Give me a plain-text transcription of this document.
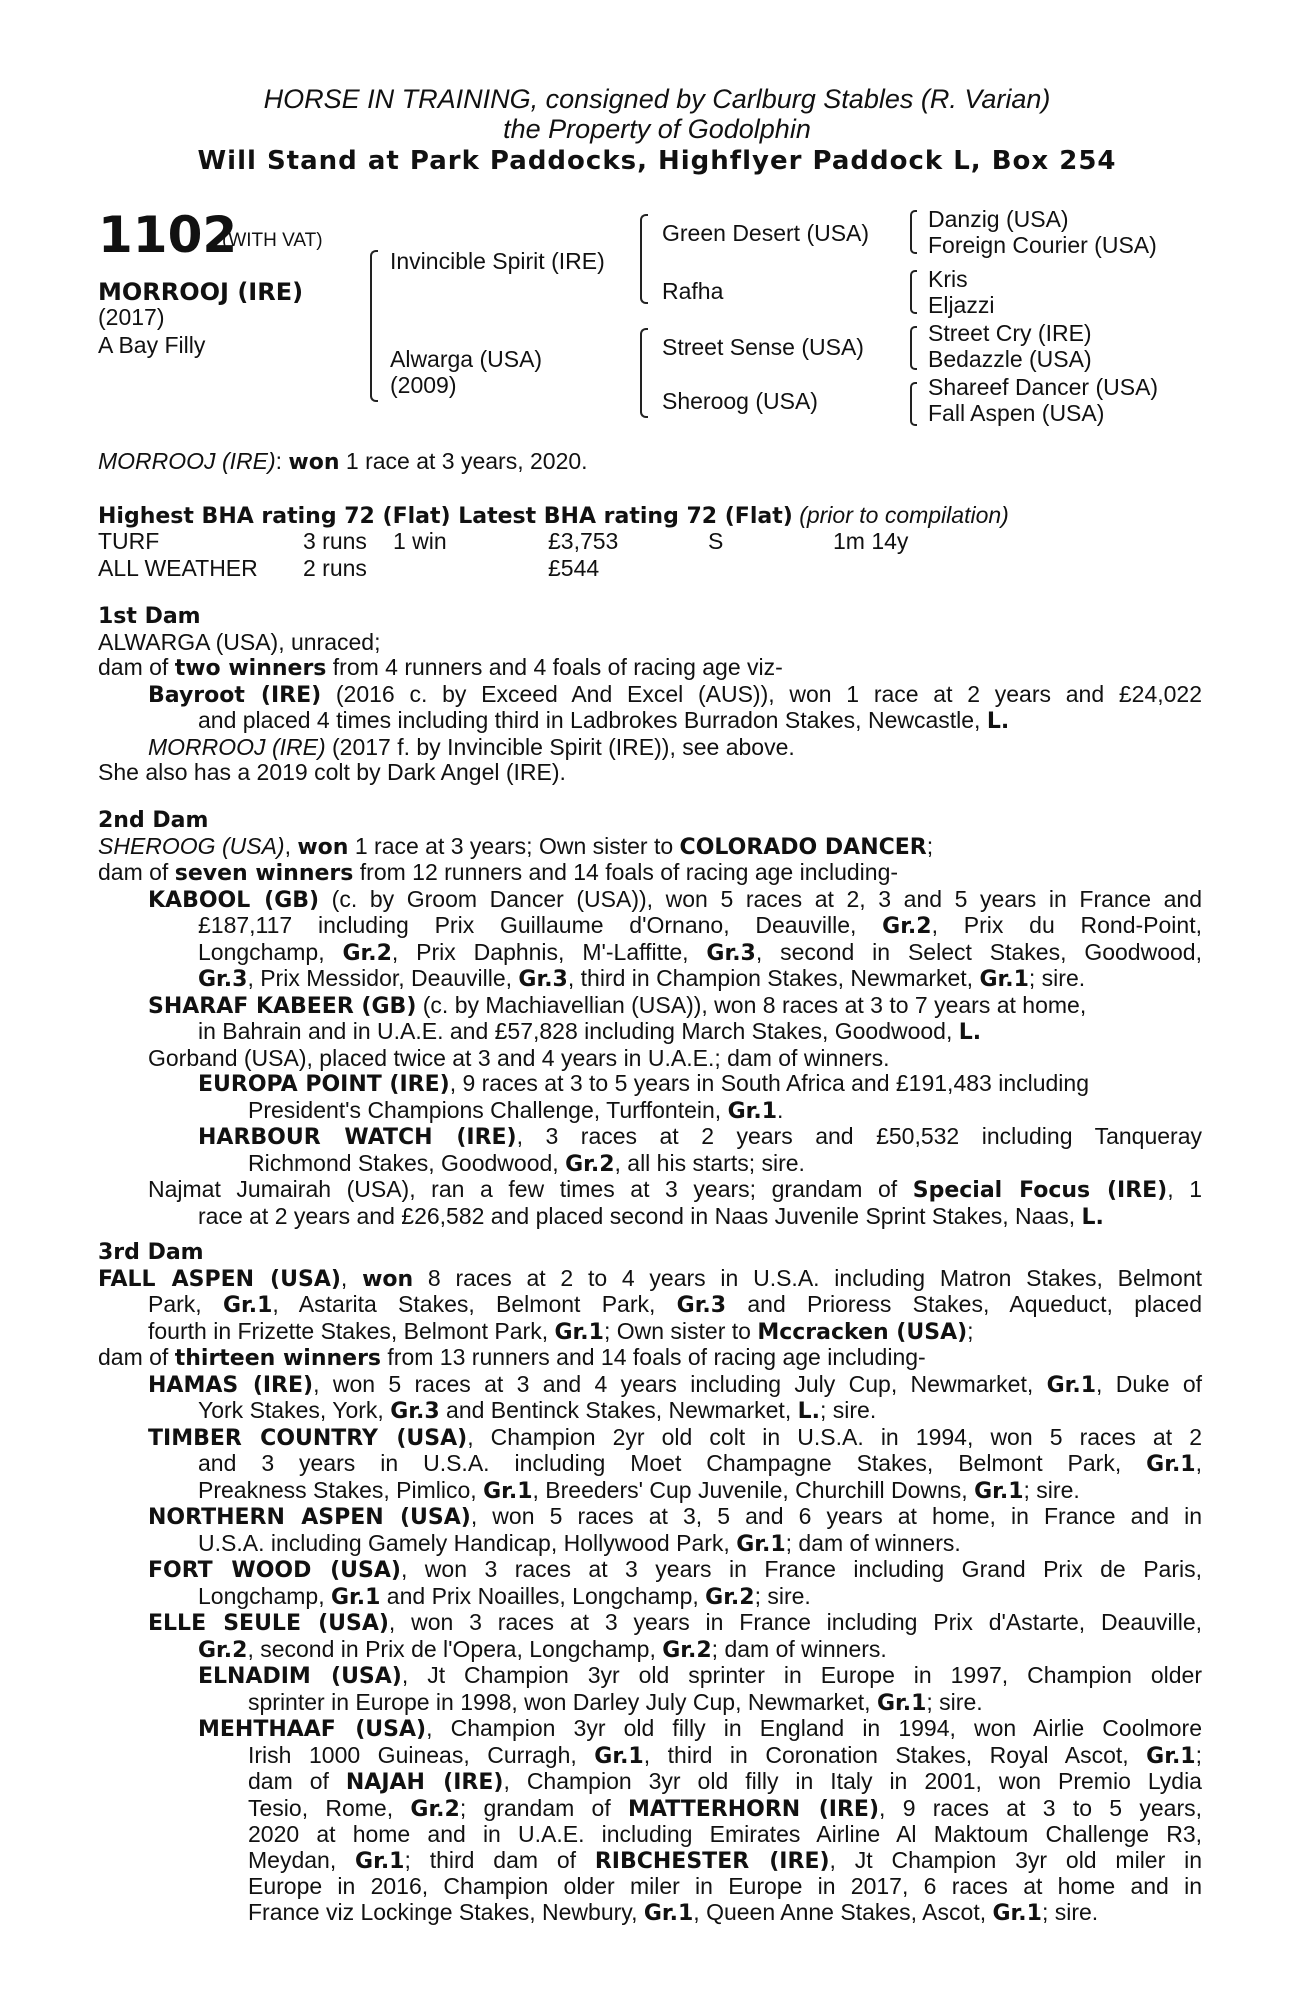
HORSE IN TRAINING, consigned by Carlburg Stables (R. Varian)
the Property of Godolphin
Will Stand at Park Paddocks, Highflyer Paddock L, Box 254
1102
(WITH VAT)
MORROOJ (IRE)
(2017)
A Bay Filly
Invincible Spirit (IRE)
Alwarga (USA)
(2009)
Green Desert (USA)
Rafha
Street Sense (USA)
Sheroog (USA)
Danzig (USA)
Foreign Courier (USA)
Kris
Eljazzi
Street Cry (IRE)
Bedazzle (USA)
Shareef Dancer (USA)
Fall Aspen (USA)
MORROOJ (IRE): won 1 race at 3 years, 2020.
Highest BHA rating 72 (Flat) Latest BHA rating 72 (Flat) (prior to compilation)
TURF	3 runs	1 win	£3,753	S	1m 14y
ALL WEATHER	2 runs		£544		
1st Dam
ALWARGA (USA), unraced;
dam of two winners from 4 runners and 4 foals of racing age viz-
Bayroot (IRE) (2016 c. by Exceed And Excel (AUS)), won 1 race at 2 years and £24,022
and placed 4 times including third in Ladbrokes Burradon Stakes, Newcastle, L.
MORROOJ (IRE) (2017 f. by Invincible Spirit (IRE)), see above.
She also has a 2019 colt by Dark Angel (IRE).
2nd Dam
SHEROOG (USA), won 1 race at 3 years; Own sister to COLORADO DANCER;
dam of seven winners from 12 runners and 14 foals of racing age including-
KABOOL (GB) (c. by Groom Dancer (USA)), won 5 races at 2, 3 and 5 years in France and
£187,117 including Prix Guillaume d'Ornano, Deauville, Gr.2, Prix du Rond-Point,
Longchamp, Gr.2, Prix Daphnis, M'-Laffitte, Gr.3, second in Select Stakes, Goodwood,
Gr.3, Prix Messidor, Deauville, Gr.3, third in Champion Stakes, Newmarket, Gr.1; sire.
SHARAF KABEER (GB) (c. by Machiavellian (USA)), won 8 races at 3 to 7 years at home,
in Bahrain and in U.A.E. and £57,828 including March Stakes, Goodwood, L.
Gorband (USA), placed twice at 3 and 4 years in U.A.E.; dam of winners.
EUROPA POINT (IRE), 9 races at 3 to 5 years in South Africa and £191,483 including
President's Champions Challenge, Turffontein, Gr.1.
HARBOUR WATCH (IRE), 3 races at 2 years and £50,532 including Tanqueray
Richmond Stakes, Goodwood, Gr.2, all his starts; sire.
Najmat Jumairah (USA), ran a few times at 3 years; grandam of Special Focus (IRE), 1
race at 2 years and £26,582 and placed second in Naas Juvenile Sprint Stakes, Naas, L.
3rd Dam
FALL ASPEN (USA), won 8 races at 2 to 4 years in U.S.A. including Matron Stakes, Belmont
Park, Gr.1, Astarita Stakes, Belmont Park, Gr.3 and Prioress Stakes, Aqueduct, placed
fourth in Frizette Stakes, Belmont Park, Gr.1; Own sister to Mccracken (USA);
dam of thirteen winners from 13 runners and 14 foals of racing age including-
HAMAS (IRE), won 5 races at 3 and 4 years including July Cup, Newmarket, Gr.1, Duke of
York Stakes, York, Gr.3 and Bentinck Stakes, Newmarket, L.; sire.
TIMBER COUNTRY (USA), Champion 2yr old colt in U.S.A. in 1994, won 5 races at 2
and 3 years in U.S.A. including Moet Champagne Stakes, Belmont Park, Gr.1,
Preakness Stakes, Pimlico, Gr.1, Breeders' Cup Juvenile, Churchill Downs, Gr.1; sire.
NORTHERN ASPEN (USA), won 5 races at 3, 5 and 6 years at home, in France and in
U.S.A. including Gamely Handicap, Hollywood Park, Gr.1; dam of winners.
FORT WOOD (USA), won 3 races at 3 years in France including Grand Prix de Paris,
Longchamp, Gr.1 and Prix Noailles, Longchamp, Gr.2; sire.
ELLE SEULE (USA), won 3 races at 3 years in France including Prix d'Astarte, Deauville,
Gr.2, second in Prix de l'Opera, Longchamp, Gr.2; dam of winners.
ELNADIM (USA), Jt Champion 3yr old sprinter in Europe in 1997, Champion older
sprinter in Europe in 1998, won Darley July Cup, Newmarket, Gr.1; sire.
MEHTHAAF (USA), Champion 3yr old filly in England in 1994, won Airlie Coolmore
Irish 1000 Guineas, Curragh, Gr.1, third in Coronation Stakes, Royal Ascot, Gr.1;
dam of NAJAH (IRE), Champion 3yr old filly in Italy in 2001, won Premio Lydia
Tesio, Rome, Gr.2; grandam of MATTERHORN (IRE), 9 races at 3 to 5 years,
2020 at home and in U.A.E. including Emirates Airline Al Maktoum Challenge R3,
Meydan, Gr.1; third dam of RIBCHESTER (IRE), Jt Champion 3yr old miler in
Europe in 2016, Champion older miler in Europe in 2017, 6 races at home and in
France viz Lockinge Stakes, Newbury, Gr.1, Queen Anne Stakes, Ascot, Gr.1; sire.
